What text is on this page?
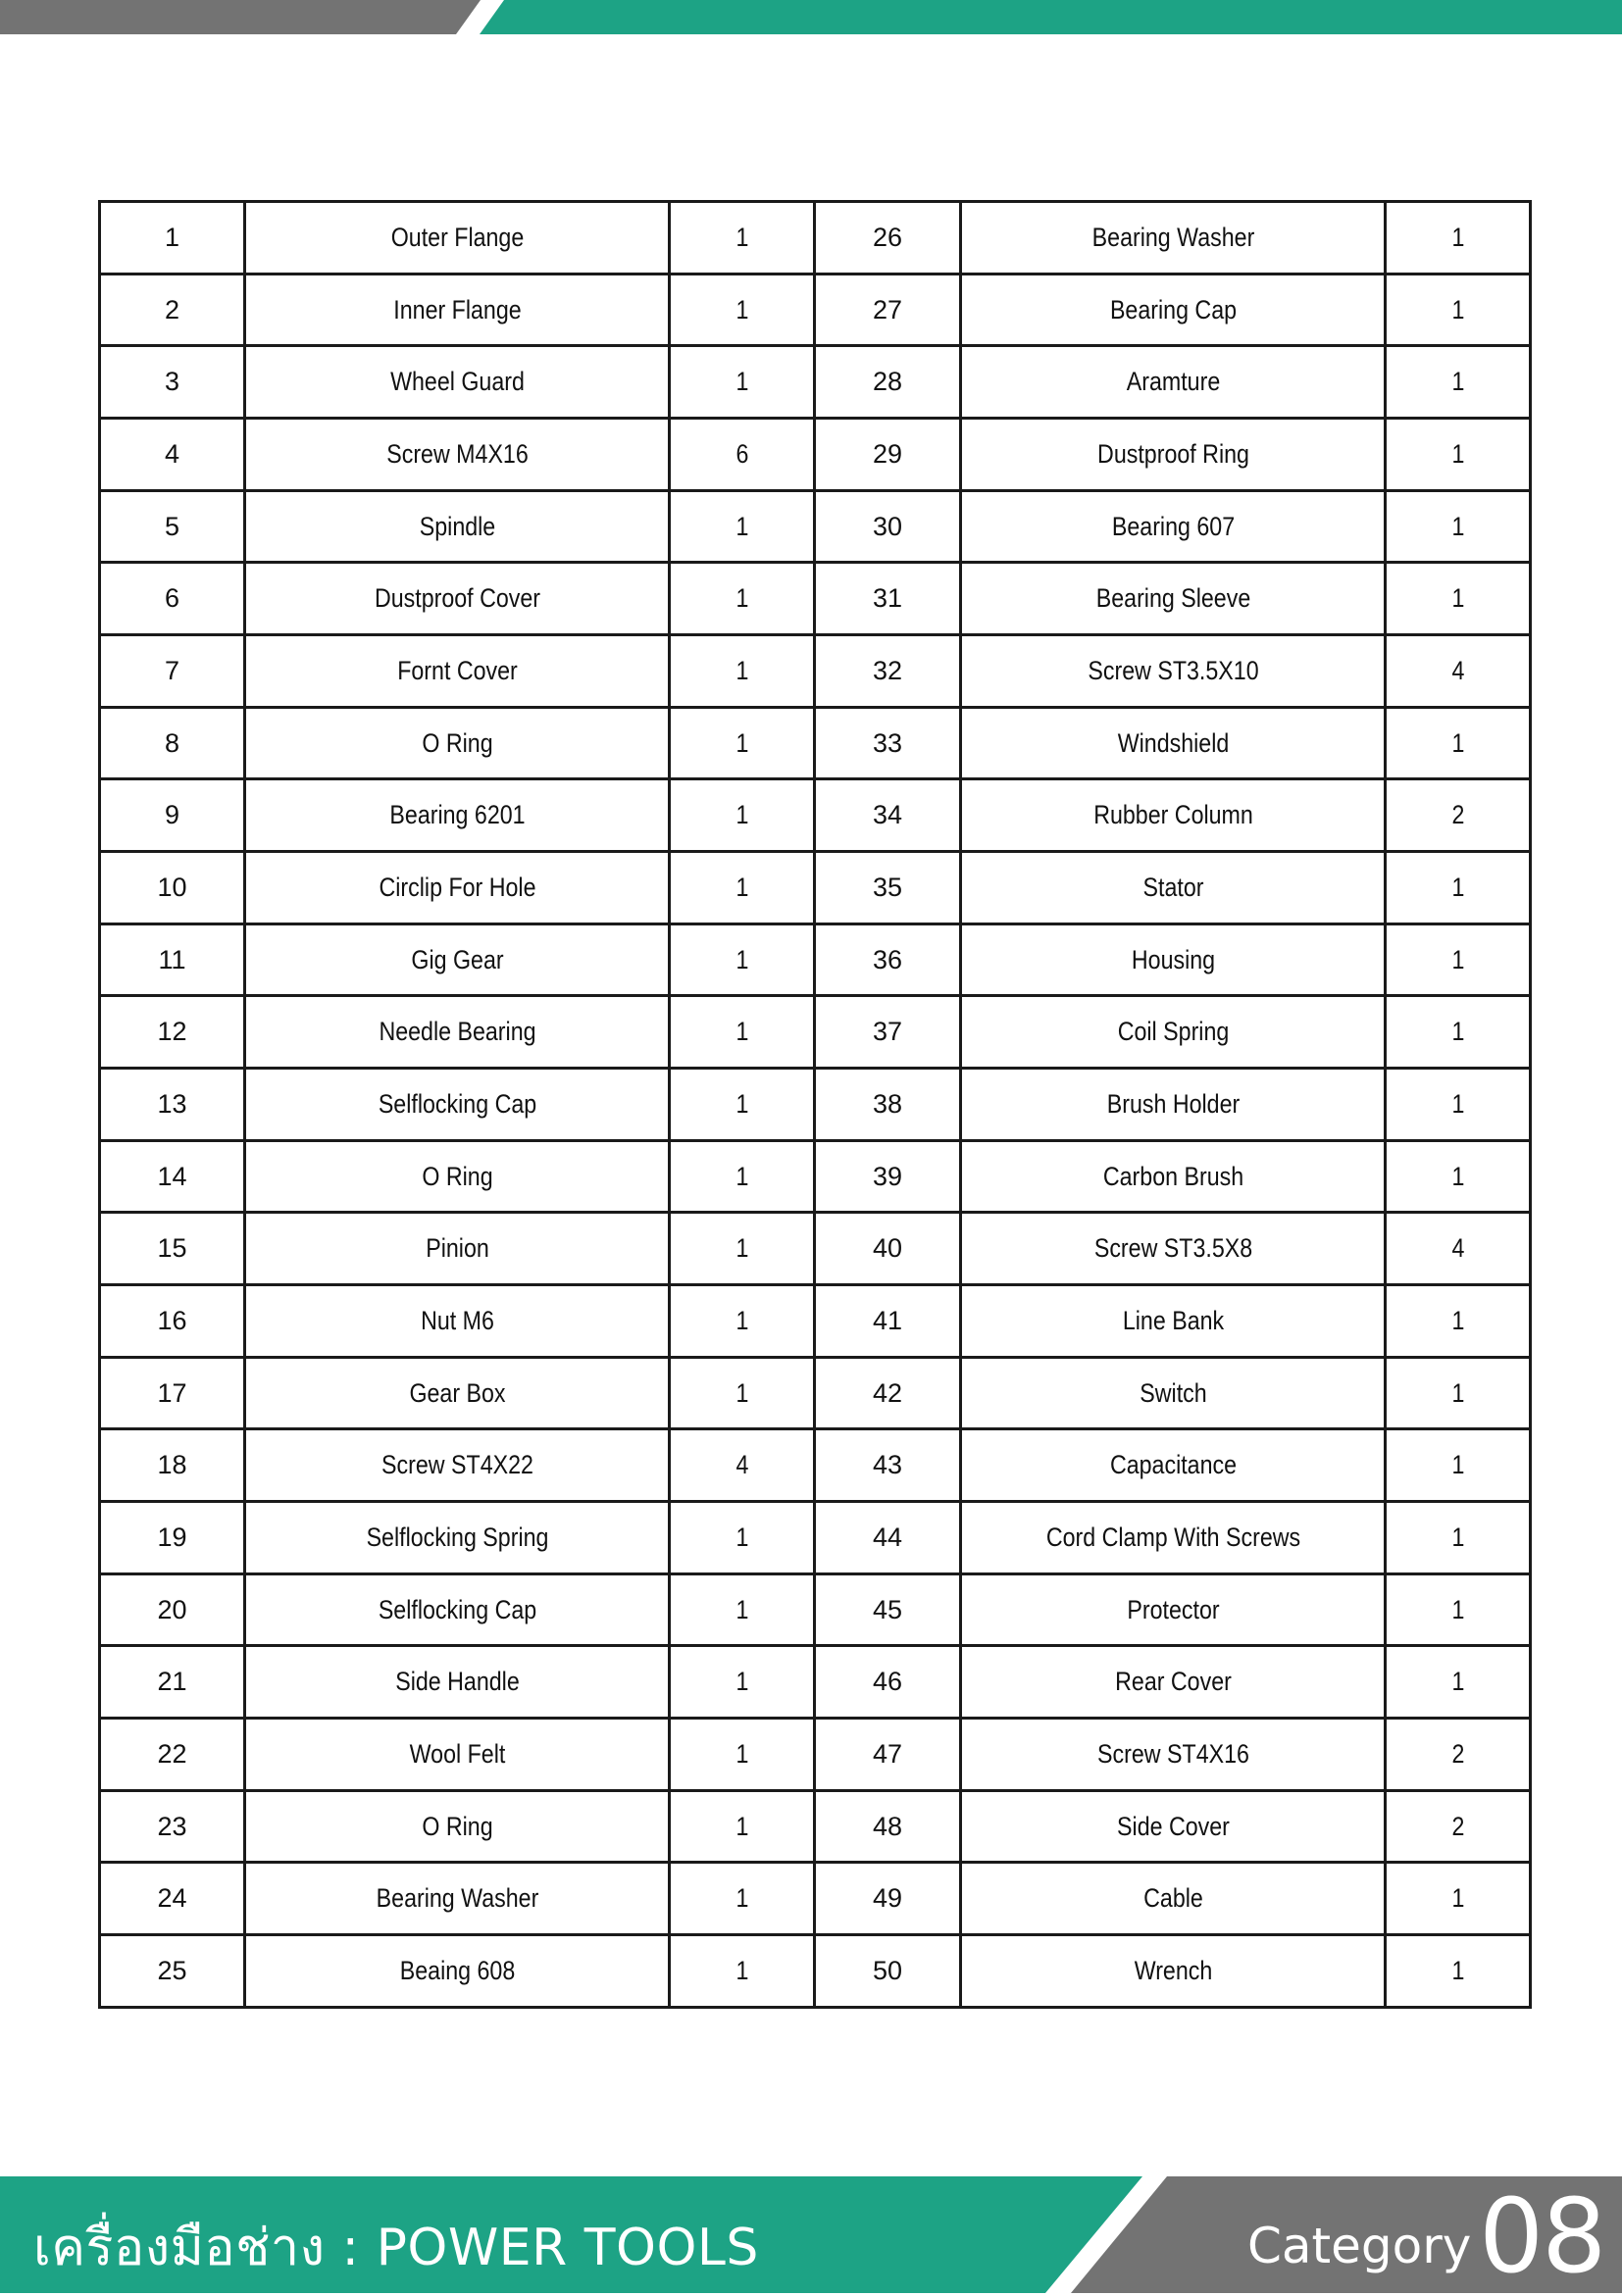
1	Outer Flange	1	26	Bearing Washer	1
2	Inner Flange	1	27	Bearing Cap	1
3	Wheel Guard	1	28	Aramture	1
4	Screw M4X16	6	29	Dustproof Ring	1
5	Spindle	1	30	Bearing 607	1
6	Dustproof Cover	1	31	Bearing Sleeve	1
7	Fornt Cover	1	32	Screw ST3.5X10	4
8	O Ring	1	33	Windshield	1
9	Bearing 6201	1	34	Rubber Column	2
10	Circlip For Hole	1	35	Stator	1
11	Gig Gear	1	36	Housing	1
12	Needle Bearing	1	37	Coil Spring	1
13	Selflocking Cap	1	38	Brush Holder	1
14	O Ring	1	39	Carbon Brush	1
15	Pinion	1	40	Screw ST3.5X8	4
16	Nut M6	1	41	Line Bank	1
17	Gear Box	1	42	Switch	1
18	Screw ST4X22	4	43	Capacitance	1
19	Selflocking Spring	1	44	Cord Clamp With Screws	1
20	Selflocking Cap	1	45	Protector	1
21	Side Handle	1	46	Rear Cover	1
22	Wool Felt	1	47	Screw ST4X16	2
23	O Ring	1	48	Side Cover	2
24	Bearing Washer	1	49	Cable	1
25	Beaing 608	1	50	Wrench	1
เครื่องมือช่าง : POWER TOOLS	Category 08
